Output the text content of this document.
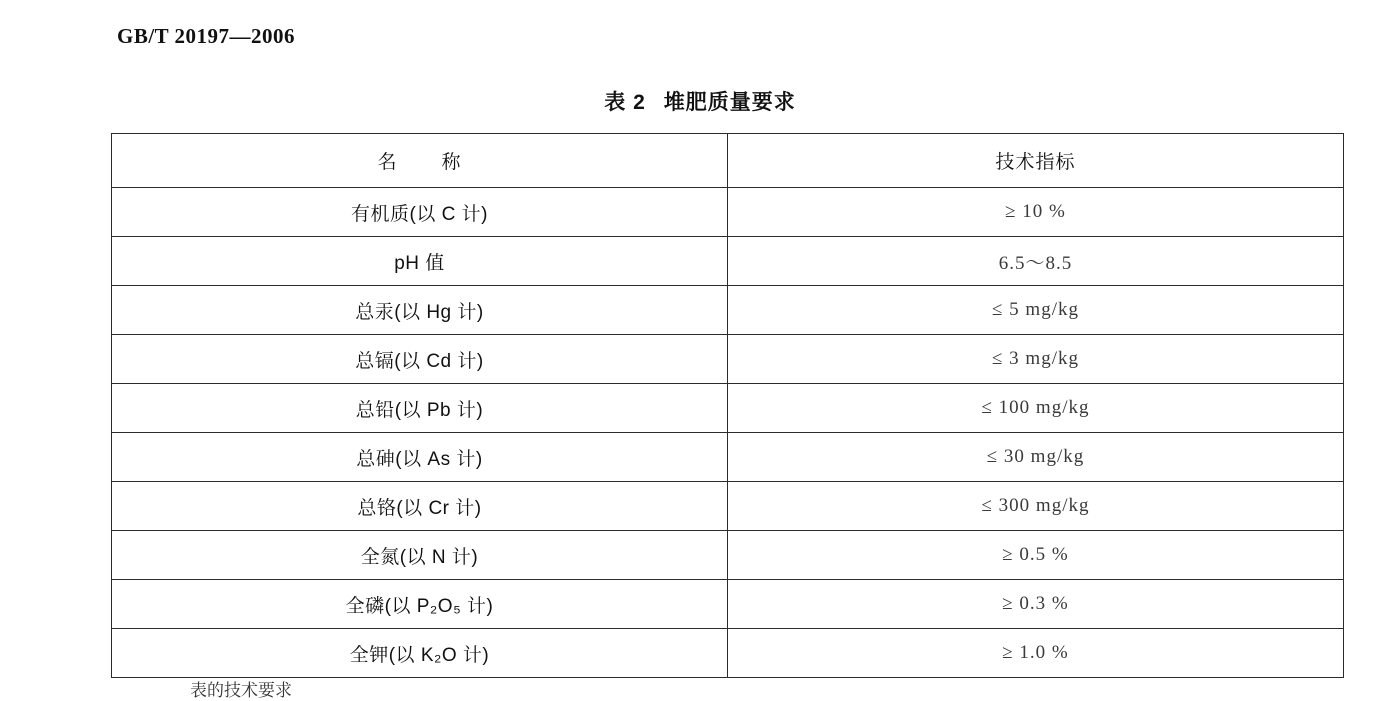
GB/T 20197—2006
表 2 堆肥质量要求
名 称	技术指标
有机质(以 C 计)	≥ 10 %
pH 值	6.5～8.5
总汞(以 Hg 计)	≤ 5 mg/kg
总镉(以 Cd 计)	≤ 3 mg/kg
总铅(以 Pb 计)	≤ 100 mg/kg
总砷(以 As 计)	≤ 30 mg/kg
总铬(以 Cr 计)	≤ 300 mg/kg
全氮(以 N 计)	≥ 0.5 %
全磷(以 P₂O₅ 计)	≥ 0.3 %
全钾(以 K₂O 计)	≥ 1.0 %
表的技术要求
